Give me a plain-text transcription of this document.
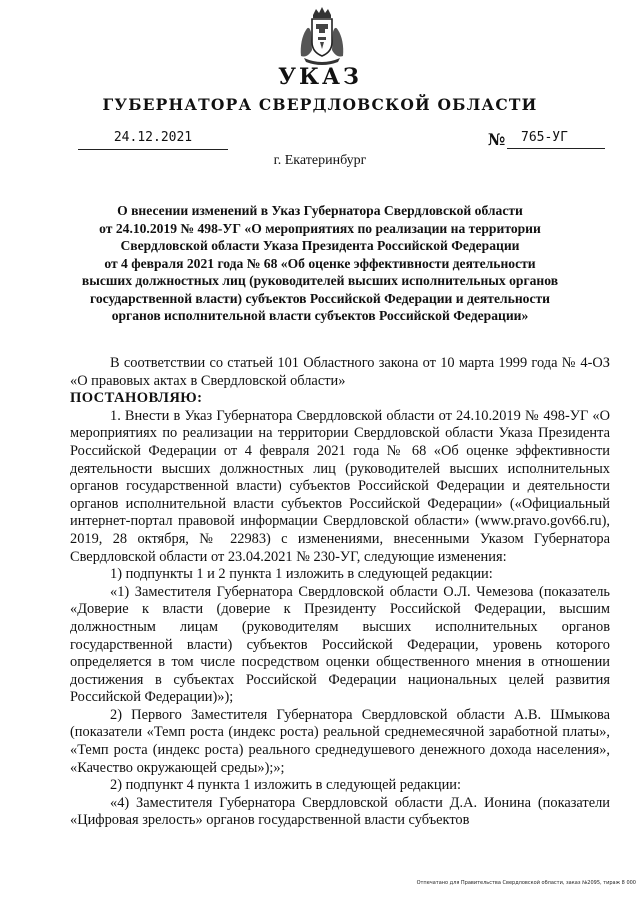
УКАЗ
ГУБЕРНАТОРА СВЕРДЛОВСКОЙ ОБЛАСТИ
24.12.2021	№	765-УГ
г. Екатеринбург
О внесении изменений в Указ Губернатора Свердловской области
от 24.10.2019 № 498-УГ «О мероприятиях по реализации на территории
Свердловской области Указа Президента Российской Федерации
от 4 февраля 2021 года № 68 «Об оценке эффективности деятельности
высших должностных лиц (руководителей высших исполнительных органов
государственной власти) субъектов Российской Федерации и деятельности
органов исполнительной власти субъектов Российской Федерации»

В соответствии со статьей 101 Областного закона от 10 марта 1999 года № 4-ОЗ «О правовых актах в Свердловской области»

ПОСТАНОВЛЯЮ:

1. Внести в Указ Губернатора Свердловской области от 24.10.2019 № 498-УГ «О мероприятиях по реализации на территории Свердловской области Указа Президента Российской Федерации от 4 февраля 2021 года № 68 «Об оценке эффективности деятельности высших должностных лиц (руководителей высших исполнительных органов государственной власти) субъектов Российской Федерации и деятельности органов исполнительной власти субъектов Российской Федерации» («Официальный интернет-портал правовой информации Свердловской области» (www.pravo.gov66.ru), 2019, 28 октября, № 22983) с изменениями, внесенными Указом Губернатора Свердловской области от 23.04.2021 № 230-УГ, следующие изменения:

1) подпункты 1 и 2 пункта 1 изложить в следующей редакции:

«1) Заместителя Губернатора Свердловской области О.Л. Чемезова (показатель «Доверие к власти (доверие к Президенту Российской Федерации, высшим должностным лицам (руководителям высших исполнительных органов государственной власти) субъектов Российской Федерации, уровень которого определяется в том числе посредством оценки общественного мнения в отношении достижения в субъектах Российской Федерации национальных целей развития Российской Федерации)»);

2) Первого Заместителя Губернатора Свердловской области А.В. Шмыкова (показатели «Темп роста (индекс роста) реальной среднемесячной заработной платы», «Темп роста (индекс роста) реального среднедушевого денежного дохода населения», «Качество окружающей среды»);»;

2) подпункт 4 пункта 1 изложить в следующей редакции:

«4) Заместителя Губернатора Свердловской области Д.А. Ионина (показатели «Цифровая зрелость» органов государственной власти субъектов

Отпечатано для Правительства Свердловской области, заказ №2095, тираж 8 000
